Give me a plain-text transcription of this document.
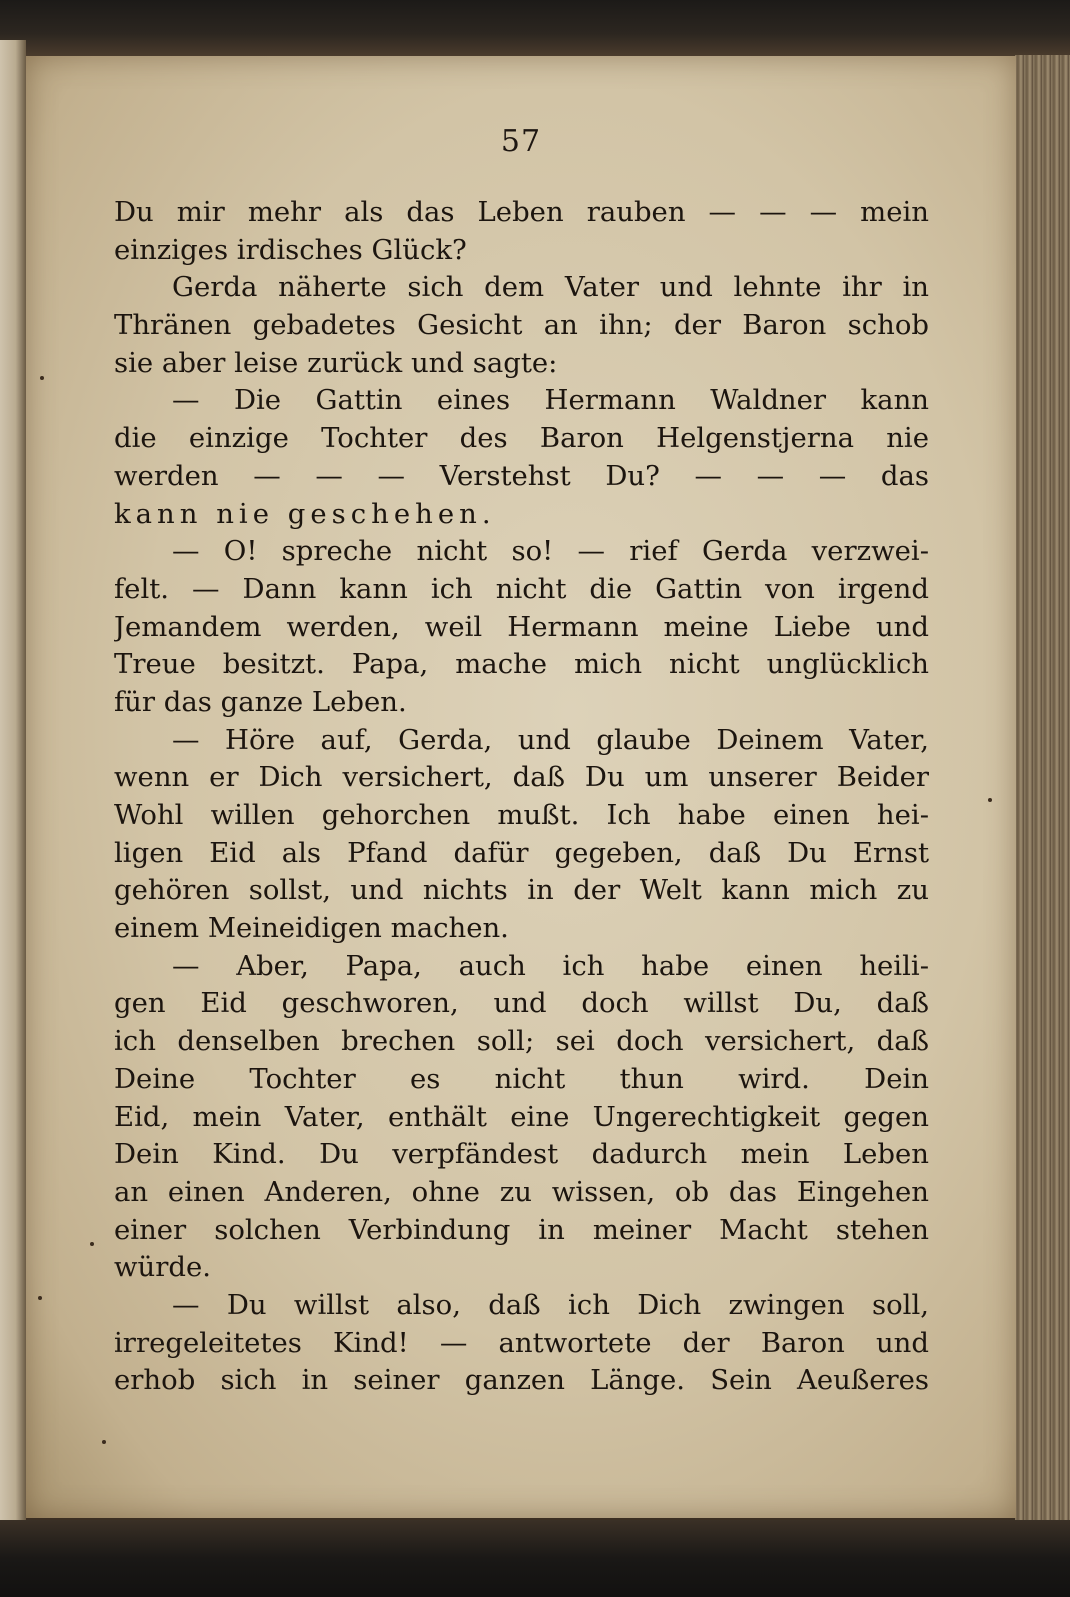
57
Du mir mehr als das Leben rauben — — — mein
einziges irdisches Glück?
Gerda näherte sich dem Vater und lehnte ihr in
Thränen gebadetes Gesicht an ihn; der Baron schob
sie aber leise zurück und sagte:
— Die Gattin eines Hermann Waldner kann
die einzige Tochter des Baron Helgenstjerna nie
werden — — — Verstehst Du? — — — das
kann nie geschehen.
— O! spreche nicht so! — rief Gerda verzwei-
felt. — Dann kann ich nicht die Gattin von irgend
Jemandem werden, weil Hermann meine Liebe und
Treue besitzt. Papa, mache mich nicht unglücklich
für das ganze Leben.
— Höre auf, Gerda, und glaube Deinem Vater,
wenn er Dich versichert, daß Du um unserer Beider
Wohl willen gehorchen mußt. Ich habe einen hei-
ligen Eid als Pfand dafür gegeben, daß Du Ernst
gehören sollst, und nichts in der Welt kann mich zu
einem Meineidigen machen.
— Aber, Papa, auch ich habe einen heili-
gen Eid geschworen, und doch willst Du, daß
ich denselben brechen soll; sei doch versichert, daß
Deine Tochter es nicht thun wird. Dein
Eid, mein Vater, enthält eine Ungerechtigkeit gegen
Dein Kind. Du verpfändest dadurch mein Leben
an einen Anderen, ohne zu wissen, ob das Eingehen
einer solchen Verbindung in meiner Macht stehen
würde.
— Du willst also, daß ich Dich zwingen soll,
irregeleitetes Kind! — antwortete der Baron und
erhob sich in seiner ganzen Länge. Sein Aeußeres
